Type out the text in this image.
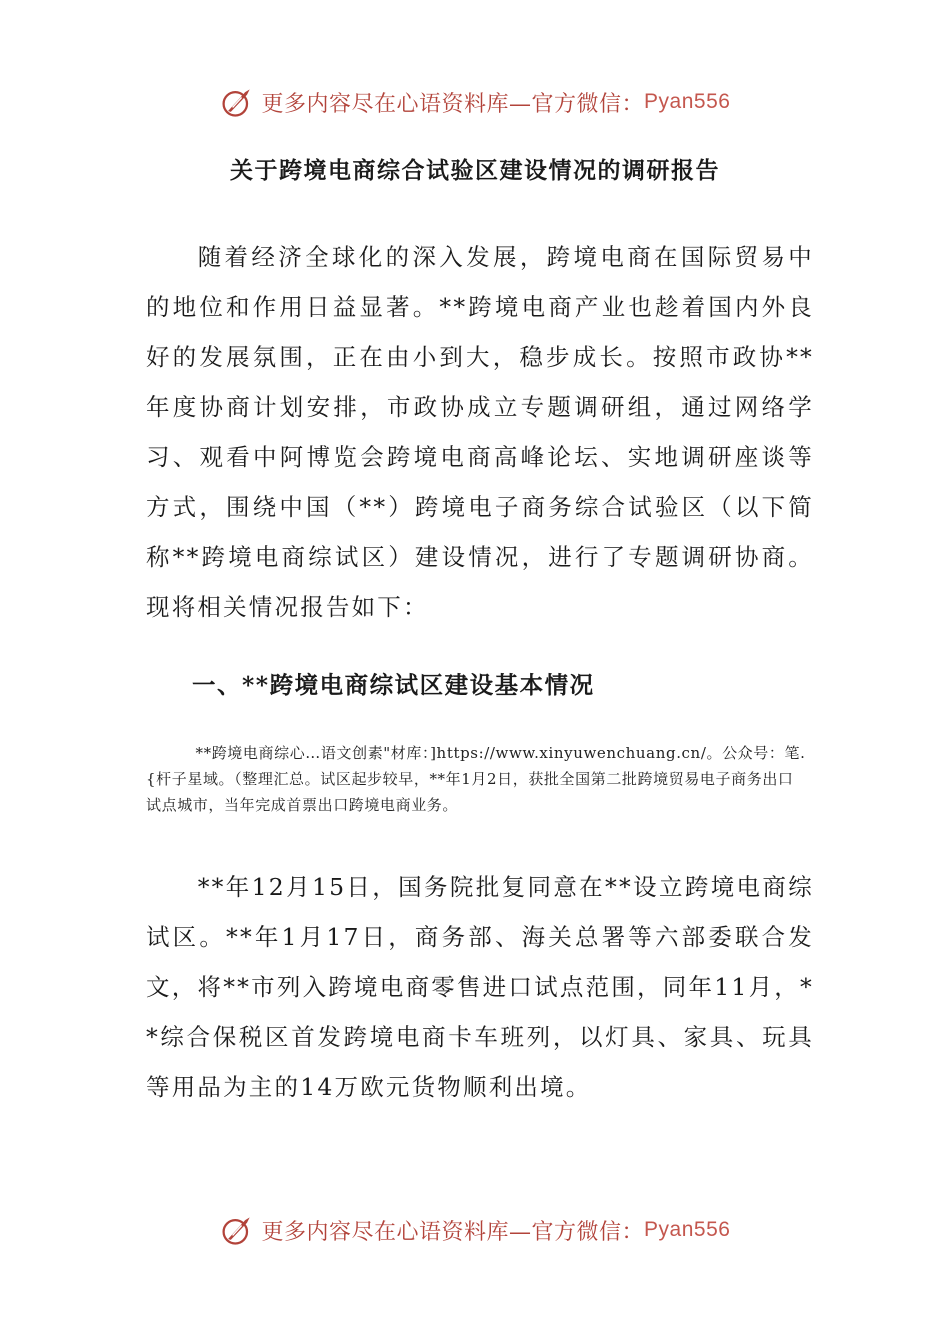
更多内容尽在心语资料库—官方微信： Pyan556
关于跨境电商综合试验区建设情况的调研报告

随着经济全球化的深入发展，跨境电商在国际贸易中的地位和作用日益显著。**跨境电商产业也趁着国内外良好的发展氛围，正在由小到大，稳步成长。按照市政协**年度协商计划安排，市政协成立专题调研组，通过网络学习、观看中阿博览会跨境电商高峰论坛、实地调研座谈等方式，围绕中国（**）跨境电子商务综合试验区（以下简称**跨境电商综试区）建设情况，进行了专题调研协商。现将相关情况报告如下：

一、**跨境电商综试区建设基本情况

**跨境电商综心…语文创素"材库：]https://www.xinyuwenchuang.cn/。公众号：笔.{杆子星域。（整理汇总。试区起步较早，**年1月2日，获批全国第二批跨境贸易电子商务出口试点城市，当年完成首票出口跨境电商业务。

**年12月15日，国务院批复同意在**设立跨境电商综试区。**年1月17日，商务部、海关总署等六部委联合发文，将**市列入跨境电商零售进口试点范围，同年11月，**综合保税区首发跨境电商卡车班列，以灯具、家具、玩具等用品为主的14万欧元货物顺利出境。

更多内容尽在心语资料库—官方微信： Pyan556
